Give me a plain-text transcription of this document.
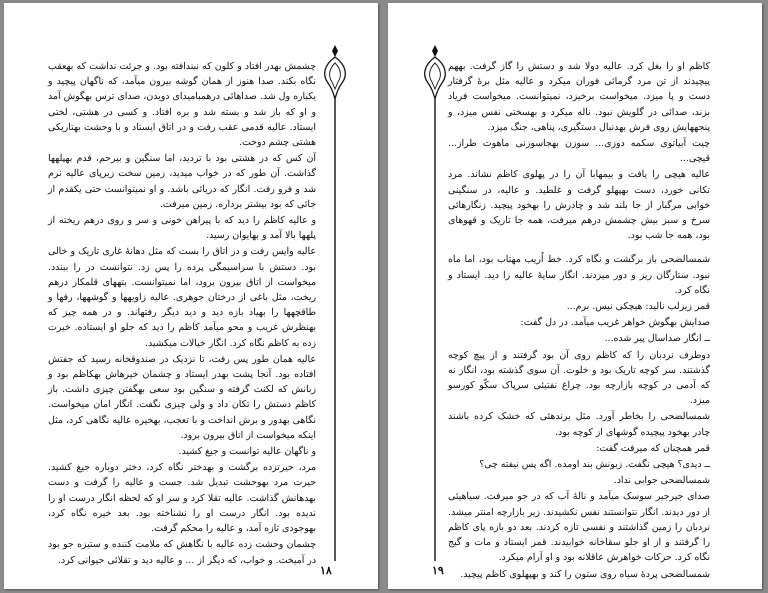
چشمش بهدر افتاد و کلون که نبندافته بود. و جرئت نداشت که بهعقب نگاه بکند. صدا هنوز از همان گوشه بیرون میآمد، که ناگهان پیچید و یکباره ول شد. صداهائی درهمبامیدای دویدن، صدای ترس بهگوش آمد و او که باز شد و بسته شد و بره افتاد. و کسی در هشتی، لختی ایستاد. عالیه قدمی عقب رفت و در اتاق ایستاد و با وحشت بهتاریکی هشتی چشم دوخت.

آن کس که در هشتی بود با تردید، اما سنگین و بیرحم، قدم بهپلهها گذاشت. آن طور که در خواب میدید، زمین سخت زیرپای عالیه نرم شد و فرو رفت. انگار که دریائی باشد. و او نمیتوانست حتی یکقدم از جائی که بود بیشتر برداره. زمین میرفت.

و عالیه کاظم را دید که با پیراهن خونی و سر و روی درهم ریخته از پلهها بالا آمد و بهایوان رسید.

عالیه وایس رفت و در اتاق را بست که مثل دهانهٔ غاری تاریک و خالی بود. دستش با سراسیمگی پرده را پس زد. نتوانست در را ببندد. میخواست از اتاق بیرون برود، اما نمیتوانست. بتههای قلمکار درهم ریخت، مثل باغی از درختان جوهری. عالیه زاویهها و گوشهها، رفها و طاقچهها را بهیاد بازه دید و دید دیگر رفتهاند. و در همه چیز که بهنظرش غریب و محو میآمد کاظم را دید که جلو او ایستاده. خیرت زده به کاظم نگاه کرد. انگار خیالات میکشید.

عالیه همان طور پس رفت، تا نزدیک در صندوقخانه رسید که جفتش افتاده بود. آنجا پشت بهدر ایستاد و چشمان خیرهاش بهکاظم بود و زبانش که لکنت گرفته و سنگین بود سعی بهگفتن چیزی داشت. باز کاظم دستش را تکان داد و ولی چیزی نگفت. انگار امان میخواست. نگاهی بهدور و برش انداخت و با تعجب، بهخیره عالیه نگاهی کرد، مثل اینکه میخواست از اتاق بیرون برود.

و ناگهان عالیه توانست و جیغ کشید.

مرد، حیرتزده برگشت و بهدختر نگاه کرد، دختر دوباره جیغ کشید. حیرت مرد بهوحشت تبدیل شد. جست و عالیه را گرفت و دست بهدهانش گذاشت. عالیه تقلا کرد و سر او که لحظه انگار درست او را ندیده بود. انگار درست او را نشناخته بود. بعد خیره نگاه کرد، بهوجودی تازه آمد، و عالیه را محکم گرفت.

چشمان وحشت زده عالیه با نگاهش که ملامت کننده و ستیزه جو بود در آمیخت. و خواب، که دیگر از ... و عالیه دید و تقلائی حیوانی کرد.

۱۸

کاظم او را بغل کرد. عالیه دولا شد و دستش را گاز گرفت. بههم پیچیدند از تن مرد گرمائی فوران میکرد و عالیه مثل برهٔ گرفتار دست و پا میزد. میخواست برخیزد، نمیتوانست. میخواست فریاد بزند، صدائی در گلویش نبود. ناله میکرد و بهسختی نفس میزد، و پنجههایش روی فرش بهدنبال دستگیری، پناهی، جنگ میزد.

چیت آبیاتوی سکمه دوزی... سوزن بهجاسوزنی ماهوت طراز... قیچی...

عالیه هیچی را یافت و بیمهابا آن را در پهلوی کاظم نشاند. مرد تکانی خورد، دست بهپهلو گرفت و غلطید. و عالیه، در سنگینی خوابی مرگبار از جا بلند شد و چادرش را بهخود پیچید. زنگارهائی سرخ و سبز بیش چشمش درهم میرفت، همه جا تاریک و قهوهای بود، همه جا شب بود.

شمسالضحی باز برگشت و نگاه کرد. خط اُریب مهتاب بود، اما ماه نبود. ستارگان ریز و دور میزدند. انگار سایهٔ عالیه را دید. ایستاد و نگاه کرد.

قمر زیرلب نالید: هیچکی نیس. برم...

صدایش بهگوش خواهر غریب میآمد. در دل گفت:

ــ انگار صداسال پیر شده...

دوطرف نردبان را که کاظم روی آن بود گرفتند و از پیچ کوچه گذشتند. سر کوچه تاریک بود و خلوت. آن سوی گذشته بود، انگار نه که آدمی در کوچه بازارچه بود. چراغ نفتیئی سرپاک سکّو کورسو میزد.

شمسالضحی را بخاطر آورد. مثل برندهئی که خشک کرده باشند چادر بهخود پیچیده گوشهای از کوچه بود.

قمر همچنان که میرفت گفت:

ــ دیدی؟ هیچی نگفت. زبونش بند اومده. اگه پس نیفته چی؟

شمسالضحی جوابی نداد.

صدای جیرجیر سوسک میآمد و نالهٔ آب که در جو میرفت. سیاهیئی از دور دیدند. انگار نتوانستند نفس نکشیدند. زیر بازارچه امنتر میشد. نردبان را زمین گذاشتند و نفسی تازه کردند. بعد دو بازه پای کاظم را گرفتند و از او جلو سقاخانه خوابیدند. قمر ایستاد و مات و گیج نگاه کرد. حرکات خواهرش عاقلانه بود و او آرام میکرد.

شمسالضحی پردهٔ سیاه روی ستون را کند و بهپهلوی کاظم پیچید.

۱۹
